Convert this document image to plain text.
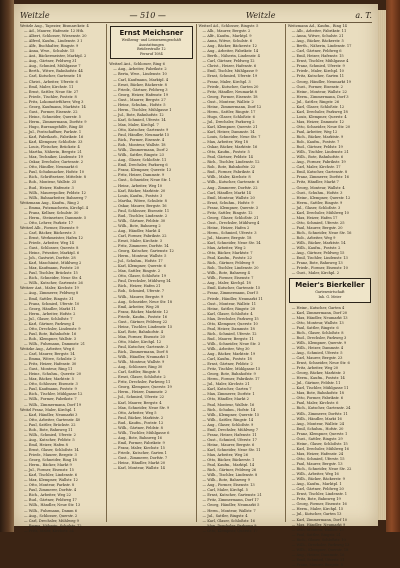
Weitzle	— 510 —	Weitzle	a. T.
Weitzle Aug., Tapezier, Bismarckstr. 4
— Ad., Maurer, Hafenstr. 12 Hth.
— Albert, Schlosser, Wiesenstr. 20
— Alfred, Kaufm., Lindenstr. 3 I
— Alfr., Buchhalter, Ringstr. 9
— Anna, Wwe., Schulstr. 15
— Ant., Bäckermeister, Marktpl. 2
— Aug., Gärtner, Feldweg 31
— Aug., Schmied, Mühlgasse 7
— Berth., Witwe, Bahnhofstr. 44
— Carl, Kutscher, Gartenstr. 18
— Christ., Arbeiter, Uferstr. 6
— Emil, Maler, Kirchstr. 11
— Ernst, Sattler, Neue Str. 27
— Friedr., Tischler, Poststr. 8
— Fritz, Lokomotivführer, Weg 3
— Georg, Kaufmann, Marktstr. 14
— Gust., Former, Eisenstr. 22
— Heinr., Schneider, Querstr. 5
— Herm., Zimmermann, Dorfstr. 9
— Hugo, Bureaugehilfe, Ring 40
— Jul., Postschaffner, Parkstr. 1
— Karl, Fabrikarb., Fabrikstr. 16
— Karl, Klempner, Schloßstr. 33
— Louis, Fleischer, Brückstr. 4
— Martha, Näherin, Bergstr. 21
— Max, Techniker, Lindenstr. 19
— Oskar, Drechsler, Gartenstr. 2
— Otto, Händler, Neumarkt 6
— Paul, Schuhmacher, Hofstr. 10
— Rich., Schriftsetzer, Mittelstr. 8
— Rob., Monteur, Wallstr. 25
— Rud., Heizer, Hafenstr. 3
— Wilh., Maurerpolier, Feldstr. 12
— Wilh., Bahnarbeiter, Bahnweg 7
Weitzmann Aug., Kaufm., Ring 2
— Emma, Putzmacherin, Kirchpl. 4
— Franz, Kellner, Schulstr. 30
— Herm., Steinsetzer, Dammstr. 5
— Otto, Lehrer, Parkstr. 17
Weitzel Alb., Former, Eisenstr. 9
— Carl, Bäcker, Bäckerstr. 3
— Ernst, Werkmeister, Hafen 12
— Friedr., Arbeiter, Weg 14
— Gust., Schlosser, Querstr. 8
— Heinr., Privatier, Marktpl. 6
— Joh., Gastwirt, Dorfstr. 28
— Karl, Maschinist, Mühlweg 2
— Max, Kaufmann, Poststr. 20
— Paul, Tischler, Brückstr. 15
— Rich., Schneider, Neue Str. 4
— Wilh., Kutscher, Gartenstr. 26
Weitzer Ant., Maler, Kirchstr. 19
— Aug., Zimmerer, Feldweg 8
— Emil, Sattler, Ringstr. 31
— Franz, Schmied, Uferstr. 10
— Georg, Händler, Markt 11
— Herm., Arbeiter, Hofstr. 2
— Jul., Glaser, Schloßstr. 7
— Karl, Gärtner, Parkweg 4
— Otto, Drechsler, Lindenstr. 9
— Paul, Bote, Bahnhofstr. 16
— Rob., Klempner, Wallstr. 3
— Wilh., Fuhrmann, Dammstr. 21
Weitzke Aug., Arbeiter, Weg 6
— Carl, Maurer, Bergstr. 14
— Emma, Witwe, Schulstr. 2
— Fritz, Heizer, Hafenstr. 30
— Gust., Monteur, Ring 11
— Heinr., Schuhm., Querstr. 20
— Max, Bäcker, Marktstr. 5
— Otto, Schlosser, Eisenstr. 3
— Paul, Kaufmann, Poststr. 9
— Rich., Tischler, Mühlgasse 12
— Wilh., Former, Fabrikstr. 7
— Wilh., Zimmermann, Dorf 19
Weitzl Franz, Maler, Kirchpl. 1
— Karl, Händler, Neumarkt 3
— Otto, Arbeiter, Gartenstr. 40
— Paul, Sattler, Brückstr. 22
— Rob., Bote, Bahnweg 11
— Wilh., Schmied, Uferstr. 2
— Aug., Kutscher, Feldstr. 5
— Emil, Heizer, Hafen 8
— Ernst, Glaser, Schloßstr. 14
— Friedr., Maurer, Bergstr. 3
— Georg, Schneider, Ring 18
— Herm., Bäcker, Markt 9
— Jul., Former, Eisenstr. 15
— Karl, Tischler, Lindenstr. 6
— Max, Klempner, Wallstr. 12
— Otto, Monteur, Parkstr. 8
— Paul, Zimmerer, Dorfstr. 4
— Rich., Arbeiter, Weg 22
— Rud., Gärtner, Feldweg 17
— Wilh., Händler, Neue Str. 13
— Wilh., Fuhrmann, Damm 6
— Aug., Schlosser, Querstr. 2
— Carl, Drechsler, Mühlweg 9
— Emma, Näherin, Schulstr. 12
— Fritz, Maler, Kirchstr. 24
Ernst Meichsner
Weißzeug- und Leinwarengeschäft
Ausstattungen
Brüderstraße 12
Fernruf 1084
Weitzel Ant., Schlosser, Ring 6
— Aug., Arbeiter, Fabrikstr. 2
— Berta, Wwe., Lindenstr. 10
— Carl, Kaufmann, Marktpl. 4
— Ernst, Bäcker, Bäckerstr. 8
— Friedr., Gärtner, Feldweg 3
— Georg, Heizer, Hafenstr. 19
— Gust., Maurer, Bergstr. 27
— Heinr., Schuhm., Hofstr. 5
— Herm., Tischler, Mühlgasse 1
— Jul., Bote, Bahnhofstr. 12
— Karl, Schmied, Uferstr. 14
— Max, Maler, Kirchpl. 7
— Otto, Kutscher, Gartenstr. 9
— Paul, Händler, Neumarkt 15
— Rich., Former, Eisenstr. 4
— Rob., Monteur, Wallstr. 18
— Wilh., Zimmermann, Dorf 2
— Wilh., Sattler, Ringstr. 23
— Aug., Glaser, Schloßstr. 11
— Emil, Drechsler, Parkweg 6
— Franz, Klempner, Querstr. 13
— Fritz, Heizer, Dammstr. 9
— Gust., Schneider, Neue Str. 1
— Heinr., Arbeiter, Weg 10
— Karl, Bäcker, Marktstr. 20
— Louis, Kaufm., Poststr. 3
— Martha, Witwe, Schulstr. 8
— Oskar, Maurer, Bergstr. 16
— Paul, Schlosser, Eisenstr. 11
— Rud., Tischler, Lindenstr. 2
— Wilh., Gärtner, Feldstr. 30
— Wilh., Bote, Bahnweg 2
— Aug., Händler, Markt 4
— Carl, Former, Fabrikstr. 22
— Ernst, Maler, Kirchstr. 3
— Fritz, Zimmerer, Dorfstr. 14
— Georg, Kutscher, Gartenstr. 12
— Herm., Monteur, Wallstr. 5
— Jul., Schuhm., Hofstr. 17
— Karl, Klempner, Querstr. 6
— Max, Sattler, Ringstr. 2
— Otto, Glaser, Schloßstr. 19
— Paul, Drechsler, Mühlweg 14
— Rich., Heizer, Hafen 21
— Rob., Schmied, Uferstr. 7
— Wilh., Maurer, Bergstr. 9
— Aug., Schneider, Neue Str. 18
— Emil, Arbeiter, Weg 28
— Franz, Bäcker, Marktstr. 12
— Friedr., Kaufm., Poststr. 16
— Gust., Gärtner, Feldweg 22
— Heinr., Tischler, Lindenstr. 15
— Karl, Bote, Bahnhofstr. 4
— Max, Former, Eisenstr. 20
— Otto, Maler, Kirchpl. 12
— Paul, Kutscher, Gartenstr. 3
— Rich., Zimmermann, Dorf 8
— Wilh., Händler, Neumarkt 1
— Wilh., Monteur, Wallstr. 9
— Aug., Schlosser, Ring 30
— Carl, Sattler, Ringstr. 8
— Ernst, Glaser, Schloßstr. 2
— Fritz, Drechsler, Parkweg 11
— Georg, Klempner, Querstr. 19
— Herm., Heizer, Dammstr. 2
— Jul., Schmied, Uferstr. 22
— Karl, Maurer, Bergstr. 4
— Max, Schneider, Neue Str. 9
— Otto, Arbeiter, Weg 5
— Paul, Bäcker, Marktstr. 2
— Rud., Kaufm., Poststr. 12
— Wilh., Gärtner, Feldstr. 8
— Wilh., Tischler, Mühlgasse 6
— Aug., Bote, Bahnweg 16
— Emil, Former, Fabrikstr. 9
— Franz, Maler, Kirchstr. 15
— Friedr., Kutscher, Garten 1
— Gust., Zimmerer, Dorfstr. 7
— Heinr., Händler, Markt 20
— Karl, Monteur, Wallstr. 14
Weitzel Ad., Schlosser, Ringstr. 5
— Alb., Maurer, Bergstr. 2
— Alfr., Kaufm., Marktpl. 9
— Anna, Witwe, Schulstr. 6
— Aug., Bäcker, Bäckerstr. 12
— Aug., Arbeiter, Fabrikstr. 14
— Berth., Näherin, Lindenstr. 4
— Carl, Gärtner, Feldweg 12
— Christ., Heizer, Hafenstr. 6
— Emil, Tischler, Mühlgasse 9
— Ernst, Schmied, Uferstr. 19
— Franz, Maler, Kirchpl. 3
— Friedr., Kutscher, Garten 20
— Fritz, Händler, Neumarkt 8
— Georg, Former, Eisenstr. 18
— Gust., Monteur, Wallstr. 2
— Heinr., Zimmermann, Dorf 12
— Herm., Sattler, Ringstr. 17
— Hugo, Glaser, Schloßstr. 6
— Jul., Drechsler, Parkweg 2
— Karl, Klempner, Querstr. 21
— Karl, Heizer, Dammstr. 14
— Louis, Schneider, Neue Str. 7
— Max, Arbeiter, Weg 18
— Oskar, Bäcker, Marktstr. 16
— Otto, Kaufm., Poststr. 5
— Paul, Gärtner, Feldstr. 14
— Rich., Tischler, Lindenstr. 12
— Rob., Bote, Bahnhofstr. 22
— Rud., Former, Fabrikstr. 4
— Wilh., Maler, Kirchstr. 8
— Wilh., Kutscher, Gartenstr. 6
— Aug., Zimmerer, Dorfstr. 22
— Carl, Händler, Markt 14
— Emil, Monteur, Wallstr. 20
— Ernst, Schuhm., Hofstr. 9
— Franz, Klempner, Querstr. 3
— Fritz, Sattler, Ringstr. 12
— Georg, Glaser, Schloßstr. 21
— Gust., Drechsler, Mühlweg 4
— Heinr., Heizer, Hafen 2
— Herm., Schmied, Uferstr. 3
— Jul., Maurer, Bergstr. 18
— Karl, Schneider, Neue Str. 14
— Max, Arbeiter, Weg 2
— Otto, Bäcker, Marktstr. 7
— Paul, Kaufm., Poststr. 22
— Rich., Gärtner, Feldweg 9
— Rob., Tischler, Lindenstr. 20
— Wilh., Bote, Bahnweg 4
— Wilh., Former, Eisenstr. 7
— Aug., Maler, Kirchpl. 18
— Emil, Kutscher, Gartenstr. 15
— Franz, Zimmermann, Dorf 5
— Friedr., Händler, Neumarkt 11
— Gust., Monteur, Wallstr. 11
— Heinr., Sattler, Ringstr. 20
— Karl, Glaser, Schloßstr. 4
— Max, Drechsler, Parkweg 15
— Otto, Klempner, Querstr. 10
— Paul, Heizer, Dammstr. 18
— Rich., Schmied, Uferstr. 12
— Rud., Maurer, Bergstr. 11
— Wilh., Schneider, Neue Str. 3
— Wilh., Arbeiter, Weg 30
— Aug., Bäcker, Marktstr. 19
— Carl, Kaufm., Poststr. 18
— Ernst, Gärtner, Feldstr. 2
— Fritz, Tischler, Mühlgasse 15
— Georg, Bote, Bahnhofstr. 9
— Herm., Former, Fabrikstr. 17
— Jul., Maler, Kirchstr. 21
— Karl, Kutscher, Garten 7
— Max, Zimmerer, Dorfstr. 1
— Otto, Händler, Markt 2
— Paul, Monteur, Wallstr. 16
— Rich., Schuhm., Hofstr. 14
— Wilh., Klempner, Querstr. 15
— Wilh., Sattler, Ringstr. 14
— Aug., Glaser, Schloßstr. 9
— Emil, Drechsler, Mühlweg 7
— Franz, Heizer, Hafenstr. 11
— Gust., Schmied, Uferstr. 17
— Heinr., Maurer, Bergstr. 6
— Karl, Schneider, Neue Str. 11
— Max, Arbeiter, Weg 26
— Otto, Bäcker, Bäckerstr. 1
— Paul, Kaufm., Marktpl. 14
— Rich., Gärtner, Feldweg 26
— Wilh., Tischler, Lindenstr. 8
— Wilh., Bote, Bahnweg 9
— Aug., Former, Eisenstr. 13
— Carl, Maler, Kirchpl. 5
— Ernst, Kutscher, Gartenstr. 21
— Fritz, Zimmermann, Dorf 17
— Georg, Händler, Neumarkt 5
— Herm., Monteur, Wallstr. 7
— Jul., Sattler, Ringstr. 4
— Karl, Glaser, Schloßstr. 16
— Max, Drechsler, Parkweg 9
— Otto, Klempner, Querstr. 17
Weitzmann Ad., Kaufm., Ring 14
— Alb., Arbeiter, Fabrikstr. 11
— Anna, Witwe, Schulstr. 21
— Aug., Bäcker, Bäckerstr. 5
— Berth., Näherin, Lindenstr. 17
— Carl, Gärtner, Feldweg 6
— Emil, Heizer, Hafenstr. 15
— Ernst, Tischler, Mühlgasse 4
— Franz, Schmied, Uferstr. 9
— Friedr., Maler, Kirchpl. 10
— Fritz, Kutscher, Garten 11
— Georg, Händler, Neumarkt 19
— Gust., Former, Eisenstr. 2
— Heinr., Monteur, Wallstr. 22
— Herm., Zimmermann, Dorf 3
— Jul., Sattler, Ringstr. 26
— Karl, Glaser, Schloßstr. 12
— Karl, Drechsler, Parkweg 18
— Louis, Klempner, Querstr. 4
— Max, Heizer, Dammstr. 12
— Otto, Schneider, Neue Str. 20
— Paul, Arbeiter, Weg 12
— Rich., Bäcker, Marktstr. 9
— Rob., Kaufm., Poststr. 7
— Rud., Gärtner, Feldstr. 19
— Wilh., Tischler, Lindenstr. 21
— Wilh., Bote, Bahnhofstr. 6
— Aug., Former, Fabrikstr. 19
— Carl, Maler, Kirchstr. 17
— Emil, Kutscher, Gartenstr. 8
— Franz, Zimmerer, Dorfstr. 16
— Fritz, Händler, Markt 7
— Georg, Monteur, Wallstr. 4
— Gust., Schuhm., Hofstr. 3
— Heinr., Klempner, Querstr. 12
— Herm., Sattler, Ringstr. 9
— Jul., Glaser, Schloßstr. 3
— Karl, Drechsler, Mühlweg 10
— Max, Heizer, Hafen 17
— Otto, Schmied, Uferstr. 25
— Paul, Maurer, Bergstr. 20
— Rich., Schneider, Neue Str. 16
— Rob., Arbeiter, Weg 9
— Wilh., Bäcker, Marktstr. 14
— Wilh., Kaufm., Poststr. 2
— Aug., Gärtner, Feldweg 15
— Emil, Tischler, Lindenstr. 13
— Franz, Bote, Bahnweg 13
— Friedr., Former, Eisenstr. 10
— Gust., Maler, Kirchpl. 2
Meier's Bierkeller
Gartenwirtschaft
Inh. G. Meier
— Heinr., Kutscher, Garten 4
— Karl, Zimmermann, Dorf 20
— Max, Händler, Neumarkt 13
— Otto, Monteur, Wallstr. 13
— Paul, Sattler, Ringstr. 6
— Rich., Glaser, Schloßstr. 8
— Rud., Drechsler, Parkweg 3
— Wilh., Klempner, Querstr. 9
— Wilh., Heizer, Dammstr. 4
— Aug., Schmied, Uferstr. 5
— Carl, Maurer, Bergstr. 23
— Ernst, Schneider, Neue Str. 6
— Fritz, Arbeiter, Weg 20
— Georg, Bäcker, Marktstr. 3
— Herm., Kaufm., Poststr. 14
— Jul., Gärtner, Feldstr. 11
— Karl, Tischler, Mühlgasse 11
— Max, Bote, Bahnhofstr. 18
— Otto, Former, Fabrikstr. 6
— Paul, Maler, Kirchstr. 6
— Rich., Kutscher, Gartenstr. 24
— Wilh., Zimmerer, Dorfstr. 11
— Wilh., Händler, Markt 16
— Aug., Monteur, Wallstr. 24
— Emil, Schuhm., Hofstr. 20
— Franz, Klempner, Querstr. 1
— Gust., Sattler, Ringstr. 29
— Heinr., Glaser, Schloßstr. 15
— Karl, Drechsler, Mühlweg 16
— Max, Heizer, Hafenstr. 24
— Otto, Schmied, Uferstr. 15
— Paul, Maurer, Bergstr. 13
— Rich., Schneider, Neue Str. 22
— Wilh., Arbeiter, Weg 16
— Wilh., Bäcker, Bäckerstr. 9
— Aug., Kaufm., Marktpl. 1
— Carl, Gärtner, Feldweg 20
— Ernst, Tischler, Lindenstr. 1
— Fritz, Bote, Bahnweg 19
— Georg, Former, Eisenstr. 16
— Herm., Maler, Kirchpl. 15
— Jul., Kutscher, Garten 13
— Karl, Zimmermann, Dorf 10
— Max, Händler, Neumarkt 9
— Otto, Monteur, Wallstr. 19
— Paul, Sattler, Ringstr. 21
— Rich., Glaser, Schloßstr. 10
— Wilh., Drechsler, Parkweg 13
— Wilh., Klempner, Querstr. 18
— Aug., Heizer, Dammstr. 16
— Emil, Schmied, Uferstr. 21
— Franz, Maurer, Bergstr. 8
